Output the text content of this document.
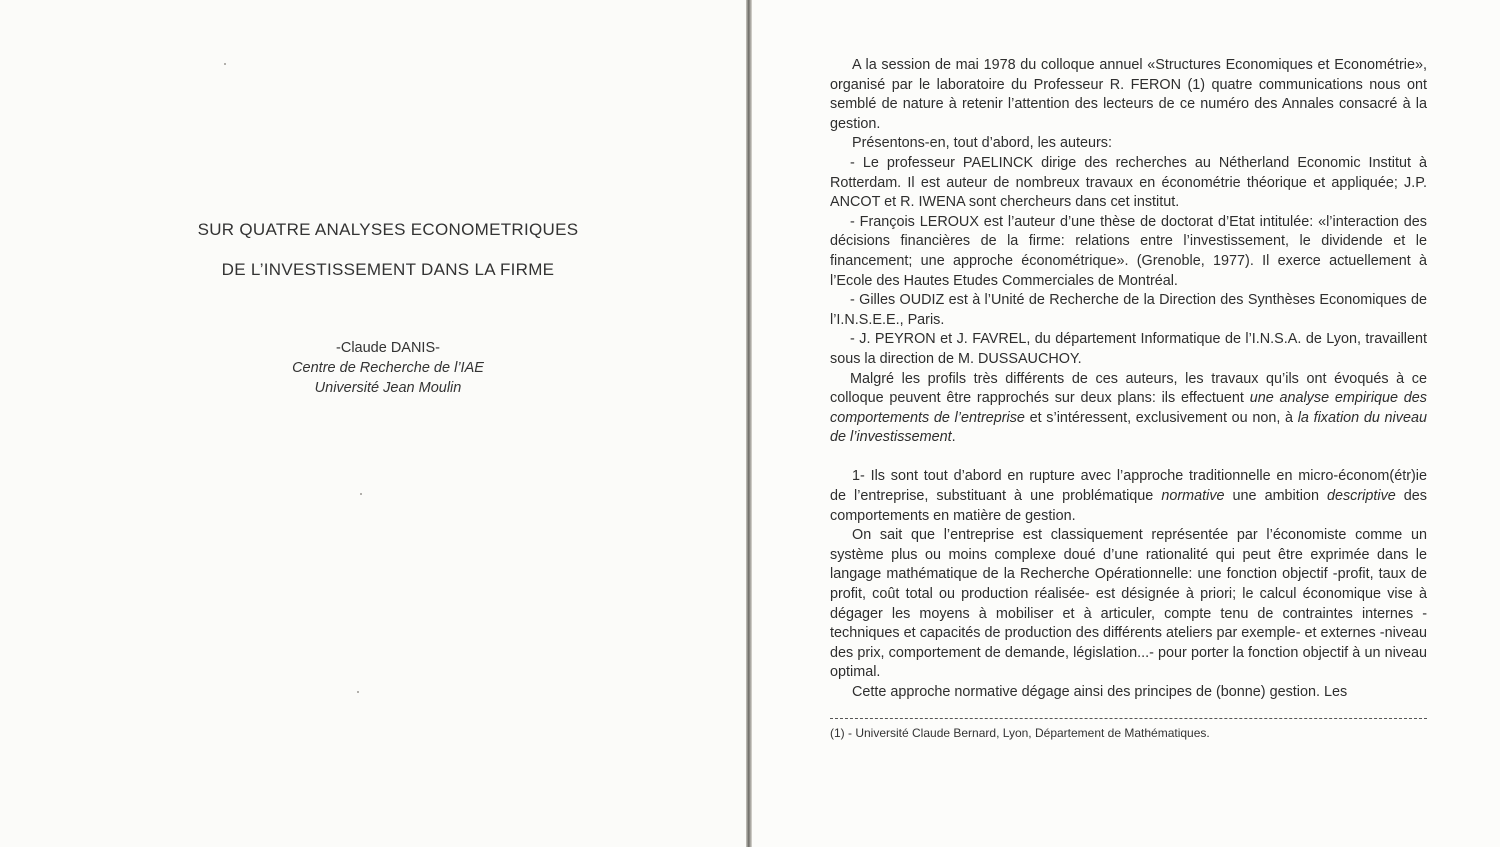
SUR QUATRE ANALYSES ECONOMETRIQUES
DE L’INVESTISSEMENT DANS LA FIRME
-Claude DANIS-
Centre de Recherche de l’IAE
Université Jean Moulin

A la session de mai 1978 du colloque annuel «Structures Economiques et Econométrie», organisé par le laboratoire du Professeur R. FERON (1) quatre communications nous ont semblé de nature à retenir l’attention des lecteurs de ce numéro des Annales consacré à la gestion.

Présentons-en, tout d’abord, les auteurs:

- Le professeur PAELINCK dirige des recherches au Nétherland Economic Institut à Rotterdam. Il est auteur de nombreux travaux en économétrie théorique et appliquée; J.P. ANCOT et R. IWENA sont chercheurs dans cet institut.

- François LEROUX est l’auteur d’une thèse de doctorat d’Etat intitulée: «l’interaction des décisions financières de la firme: relations entre l’investissement, le dividende et le financement; une approche économétrique». (Grenoble, 1977). Il exerce actuellement à l’Ecole des Hautes Etudes Commerciales de Montréal.

- Gilles OUDIZ est à l’Unité de Recherche de la Direction des Synthèses Economiques de l’I.N.S.E.E., Paris.

- J. PEYRON et J. FAVREL, du département Informatique de l’I.N.S.A. de Lyon, travaillent sous la direction de M. DUSSAUCHOY.

Malgré les profils très différents de ces auteurs, les travaux qu’ils ont évoqués à ce colloque peuvent être rapprochés sur deux plans: ils effectuent une analyse empirique des comportements de l’entreprise et s’intéressent, exclusivement ou non, à la fixation du niveau de l’investissement.

1- Ils sont tout d’abord en rupture avec l’approche traditionnelle en micro-économ(étr)ie de l’entreprise, substituant à une problématique normative une ambition descriptive des comportements en matière de gestion.

On sait que l’entreprise est classiquement représentée par l’économiste comme un système plus ou moins complexe doué d’une rationalité qui peut être exprimée dans le langage mathématique de la Recherche Opérationnelle: une fonction objectif -profit, taux de profit, coût total ou production réalisée- est désignée à priori; le calcul économique vise à dégager les moyens à mobiliser et à articuler, compte tenu de contraintes internes -techniques et capacités de production des différents ateliers par exemple- et externes -niveau des prix, comportement de demande, législation...- pour porter la fonction objectif à un niveau optimal.

Cette approche normative dégage ainsi des principes de (bonne) gestion. Les

(1) - Université Claude Bernard, Lyon, Département de Mathématiques.
